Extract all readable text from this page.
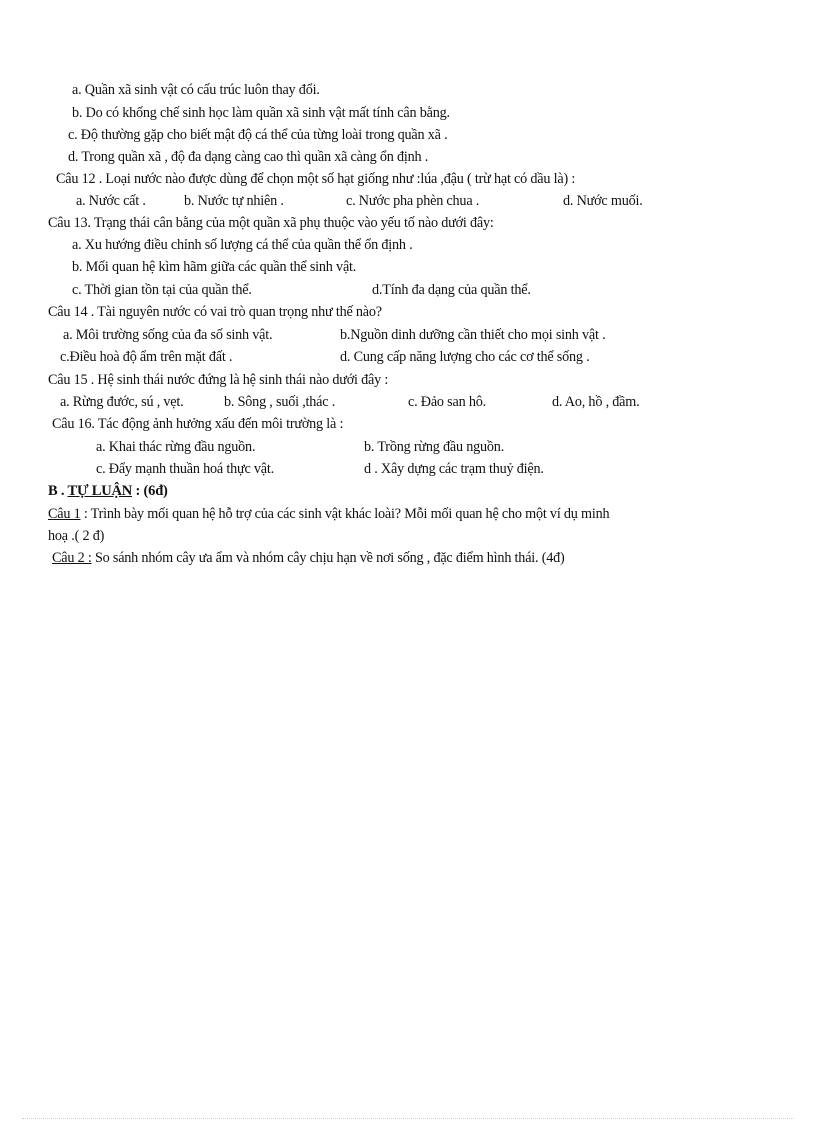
a. Quần xã sinh vật có cấu trúc luôn thay đổi.
b. Do có khống chế sinh học làm quần xã sinh vật mất tính cân bằng.
c. Độ thường gặp cho biết mật độ cá thể của từng loài trong quần xã .
d. Trong quần xã , độ đa dạng càng cao thì quần xã càng ổn định .
Câu 12 . Loại nước nào được dùng để chọn một số hạt giống như :lúa ,đậu ( trừ hạt có dầu là) :
a. Nước cất .	b. Nước tự nhiên .	c. Nước pha phèn chua .	d. Nước muối.
Câu 13. Trạng thái cân bằng của một quần xã phụ thuộc vào yếu tố nào dưới đây:
a. Xu hướng điều chỉnh số lượng cá thể của quần thể ổn định .
b. Mối quan hệ kìm hãm giữa các quần thể sinh vật.
c. Thời gian tồn tại của quần thể.	d.Tính đa dạng của quần thể.
Câu 14 . Tài nguyên nước có vai trò quan trọng như thế nào?
a. Môi trường sống của đa số sinh vật.	b.Nguồn dinh dưỡng cần thiết cho mọi sinh vật .
c.Điều hoà độ ẩm trên mặt đất .	d. Cung cấp năng lượng cho các cơ thể sống .
Câu 15 . Hệ sinh thái nước đứng là hệ sinh thái nào dưới đây :
a. Rừng đước, sú , vẹt.	b. Sông , suối ,thác .	c. Đảo san hô.	d. Ao, hồ , đầm.
Câu 16. Tác động ảnh hưởng xấu đến môi trường là :
a. Khai thác rừng đầu nguồn.	b. Trồng rừng đầu nguồn.
c. Đẩy mạnh thuần hoá thực vật.	d . Xây dựng các trạm thuỷ điện.
B . TỰ LUẬN : (6đ)
Câu 1 : Trình bày mối quan hệ hỗ trợ của các sinh vật khác loài? Mỗi mối quan hệ cho một ví dụ minh
hoạ .( 2 đ)
Câu 2 : So sánh nhóm cây ưa ẩm và nhóm cây chịu hạn về nơi sống , đặc điểm hình thái. (4đ)
